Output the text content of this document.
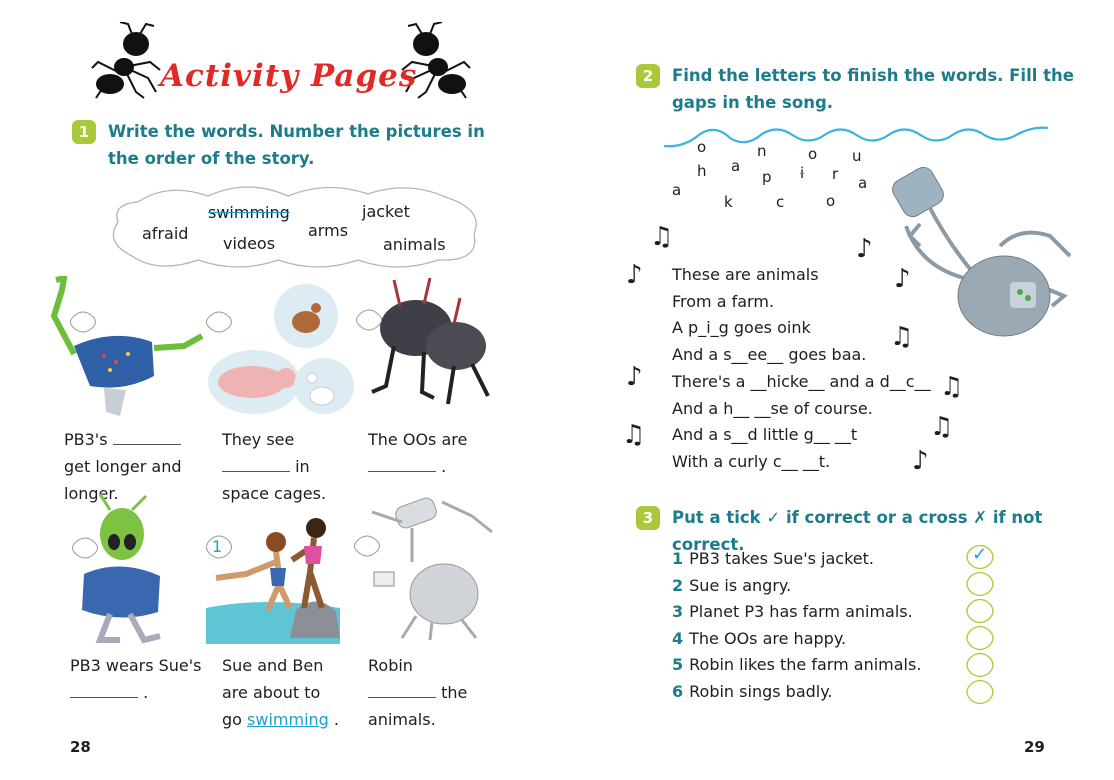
Activity Pages
1	Write the words. Number the pictures in
the order of the story.
afraid
swimming
videos
arms
jacket
animals
PB3's
get longer and
longer.
They see
in
space cages.
The OOs are
.
1
PB3 wears Sue's
.
Sue and Ben
are about to
go swimming .
Robin
the
animals.
28
2	Find the letters to finish the words. Fill the
gaps in the song.
o	n	o u
h a
p i r a
a
k	c	o
♫
♪
♪
♫
♪
♪
♫
♫
♫
♪
These are animals
From a farm.
A p_i_g goes oink
And a s__ee__ goes baa.
There's a __hicke__ and a d__c__
And a h__ __se of course.
And a s__d little g__ __t
With a curly c__ __t.
3	Put a tick ✓ if correct or a cross ✗ if not correct.
1 PB3 takes Sue's jacket.
2 Sue is angry.
3 Planet P3 has farm animals.
4 The OOs are happy.
5 Robin likes the farm animals.
6 Robin sings badly.
✓
29
